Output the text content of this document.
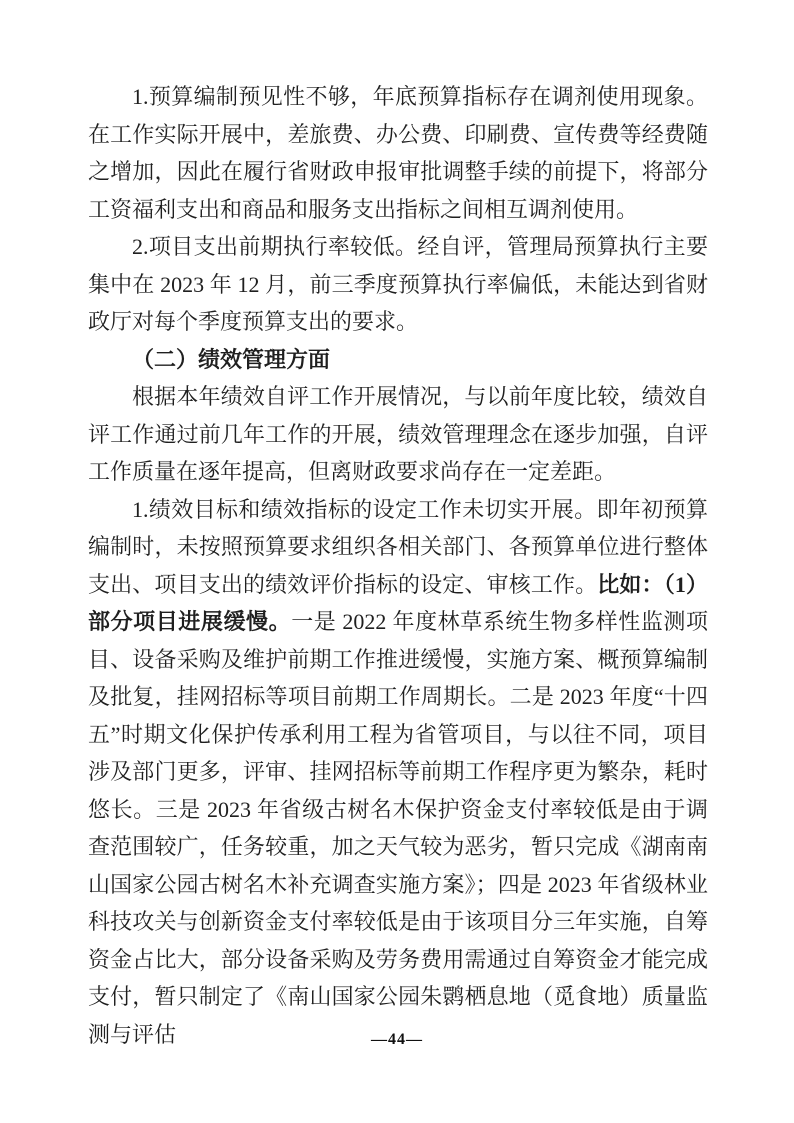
1.预算编制预见性不够，年底预算指标存在调剂使用现象。在工作实际开展中，差旅费、办公费、印刷费、宣传费等经费随之增加，因此在履行省财政申报审批调整手续的前提下，将部分工资福利支出和商品和服务支出指标之间相互调剂使用。

2.项目支出前期执行率较低。经自评，管理局预算执行主要集中在 2023 年 12 月，前三季度预算执行率偏低，未能达到省财政厅对每个季度预算支出的要求。

（二）绩效管理方面

根据本年绩效自评工作开展情况，与以前年度比较，绩效自评工作通过前几年工作的开展，绩效管理理念在逐步加强，自评工作质量在逐年提高，但离财政要求尚存在一定差距。

1.绩效目标和绩效指标的设定工作未切实开展。即年初预算编制时，未按照预算要求组织各相关部门、各预算单位进行整体支出、项目支出的绩效评价指标的设定、审核工作。比如：（1）部分项目进展缓慢。一是 2022 年度林草系统生物多样性监测项目、设备采购及维护前期工作推进缓慢，实施方案、概预算编制及批复，挂网招标等项目前期工作周期长。二是 2023 年度“十四五”时期文化保护传承利用工程为省管项目，与以往不同，项目涉及部门更多，评审、挂网招标等前期工作程序更为繁杂，耗时悠长。三是 2023 年省级古树名木保护资金支付率较低是由于调查范围较广，任务较重，加之天气较为恶劣，暂只完成《湖南南山国家公园古树名木补充调查实施方案》；四是 2023 年省级林业科技攻关与创新资金支付率较低是由于该项目分三年实施，自筹资金占比大，部分设备采购及劳务费用需通过自筹资金才能完成支付，暂只制定了《南山国家公园朱鹮栖息地（觅食地）质量监测与评估	—44—
